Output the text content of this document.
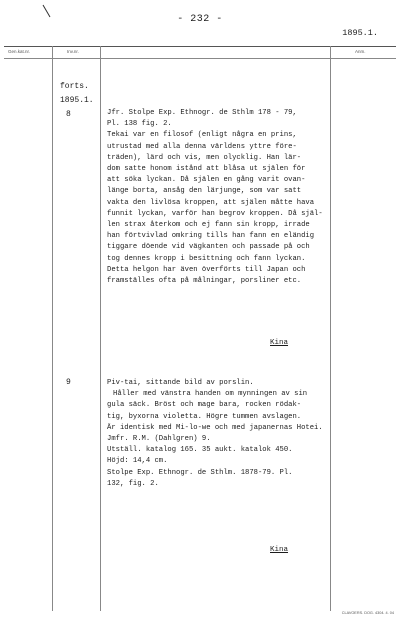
- 232 -
1895.1.
Gen.kat.nr.	Inv.nr.	Anm.
forts.
1895.1.
8	Jfr. Stolpe Exp. Ethnogr. de Sthlm 178 - 79,
Pl. 138 fig. 2.
Tekai var en filosof (enligt några en prins,
utrustad med alla denna världens yttre före-
träden), lärd och vis, men olycklig. Han lär-
dom satte honom istånd att blåsa ut själen för
att söka lyckan. Då själen en gång varit ovan-
länge borta, ansåg den lärjunge, som var satt
vakta den livlösa kroppen, att själen måtte hava
funnit lyckan, varför han begrov kroppen. Då själ-
len strax återkom och ej fann sin kropp, irrade
han förtvivlad omkring tills han fann en eländig
tiggare döende vid vägkanten och passade på och
tog dennes kropp i besittning och fann lyckan.
Detta helgon har även överförts till Japan och
framställes ofta på målningar, porsliner etc.
Kina
9	Piv-tai, sittande bild av porslin.
Håller med vänstra handen om mynningen av sin
gula säck. Bröst och mage bara, rocken rödak-
tig, byxorna violetta. Högre tummen avslagen.
Är identisk med Mi-lo-we och med japanernas Hotei.
Jmfr. R.M. (Dahlgren) 9.
Utställ. katalog 165. 35 aukt. katalok 450.
Höjd: 14,4 cm.
Stolpe Exp. Ethnogr. de Sthlm. 1878-79. Pl.
132, fig. 2.
Kina
CLAVOERS. DOG. 4304. 4. 04
